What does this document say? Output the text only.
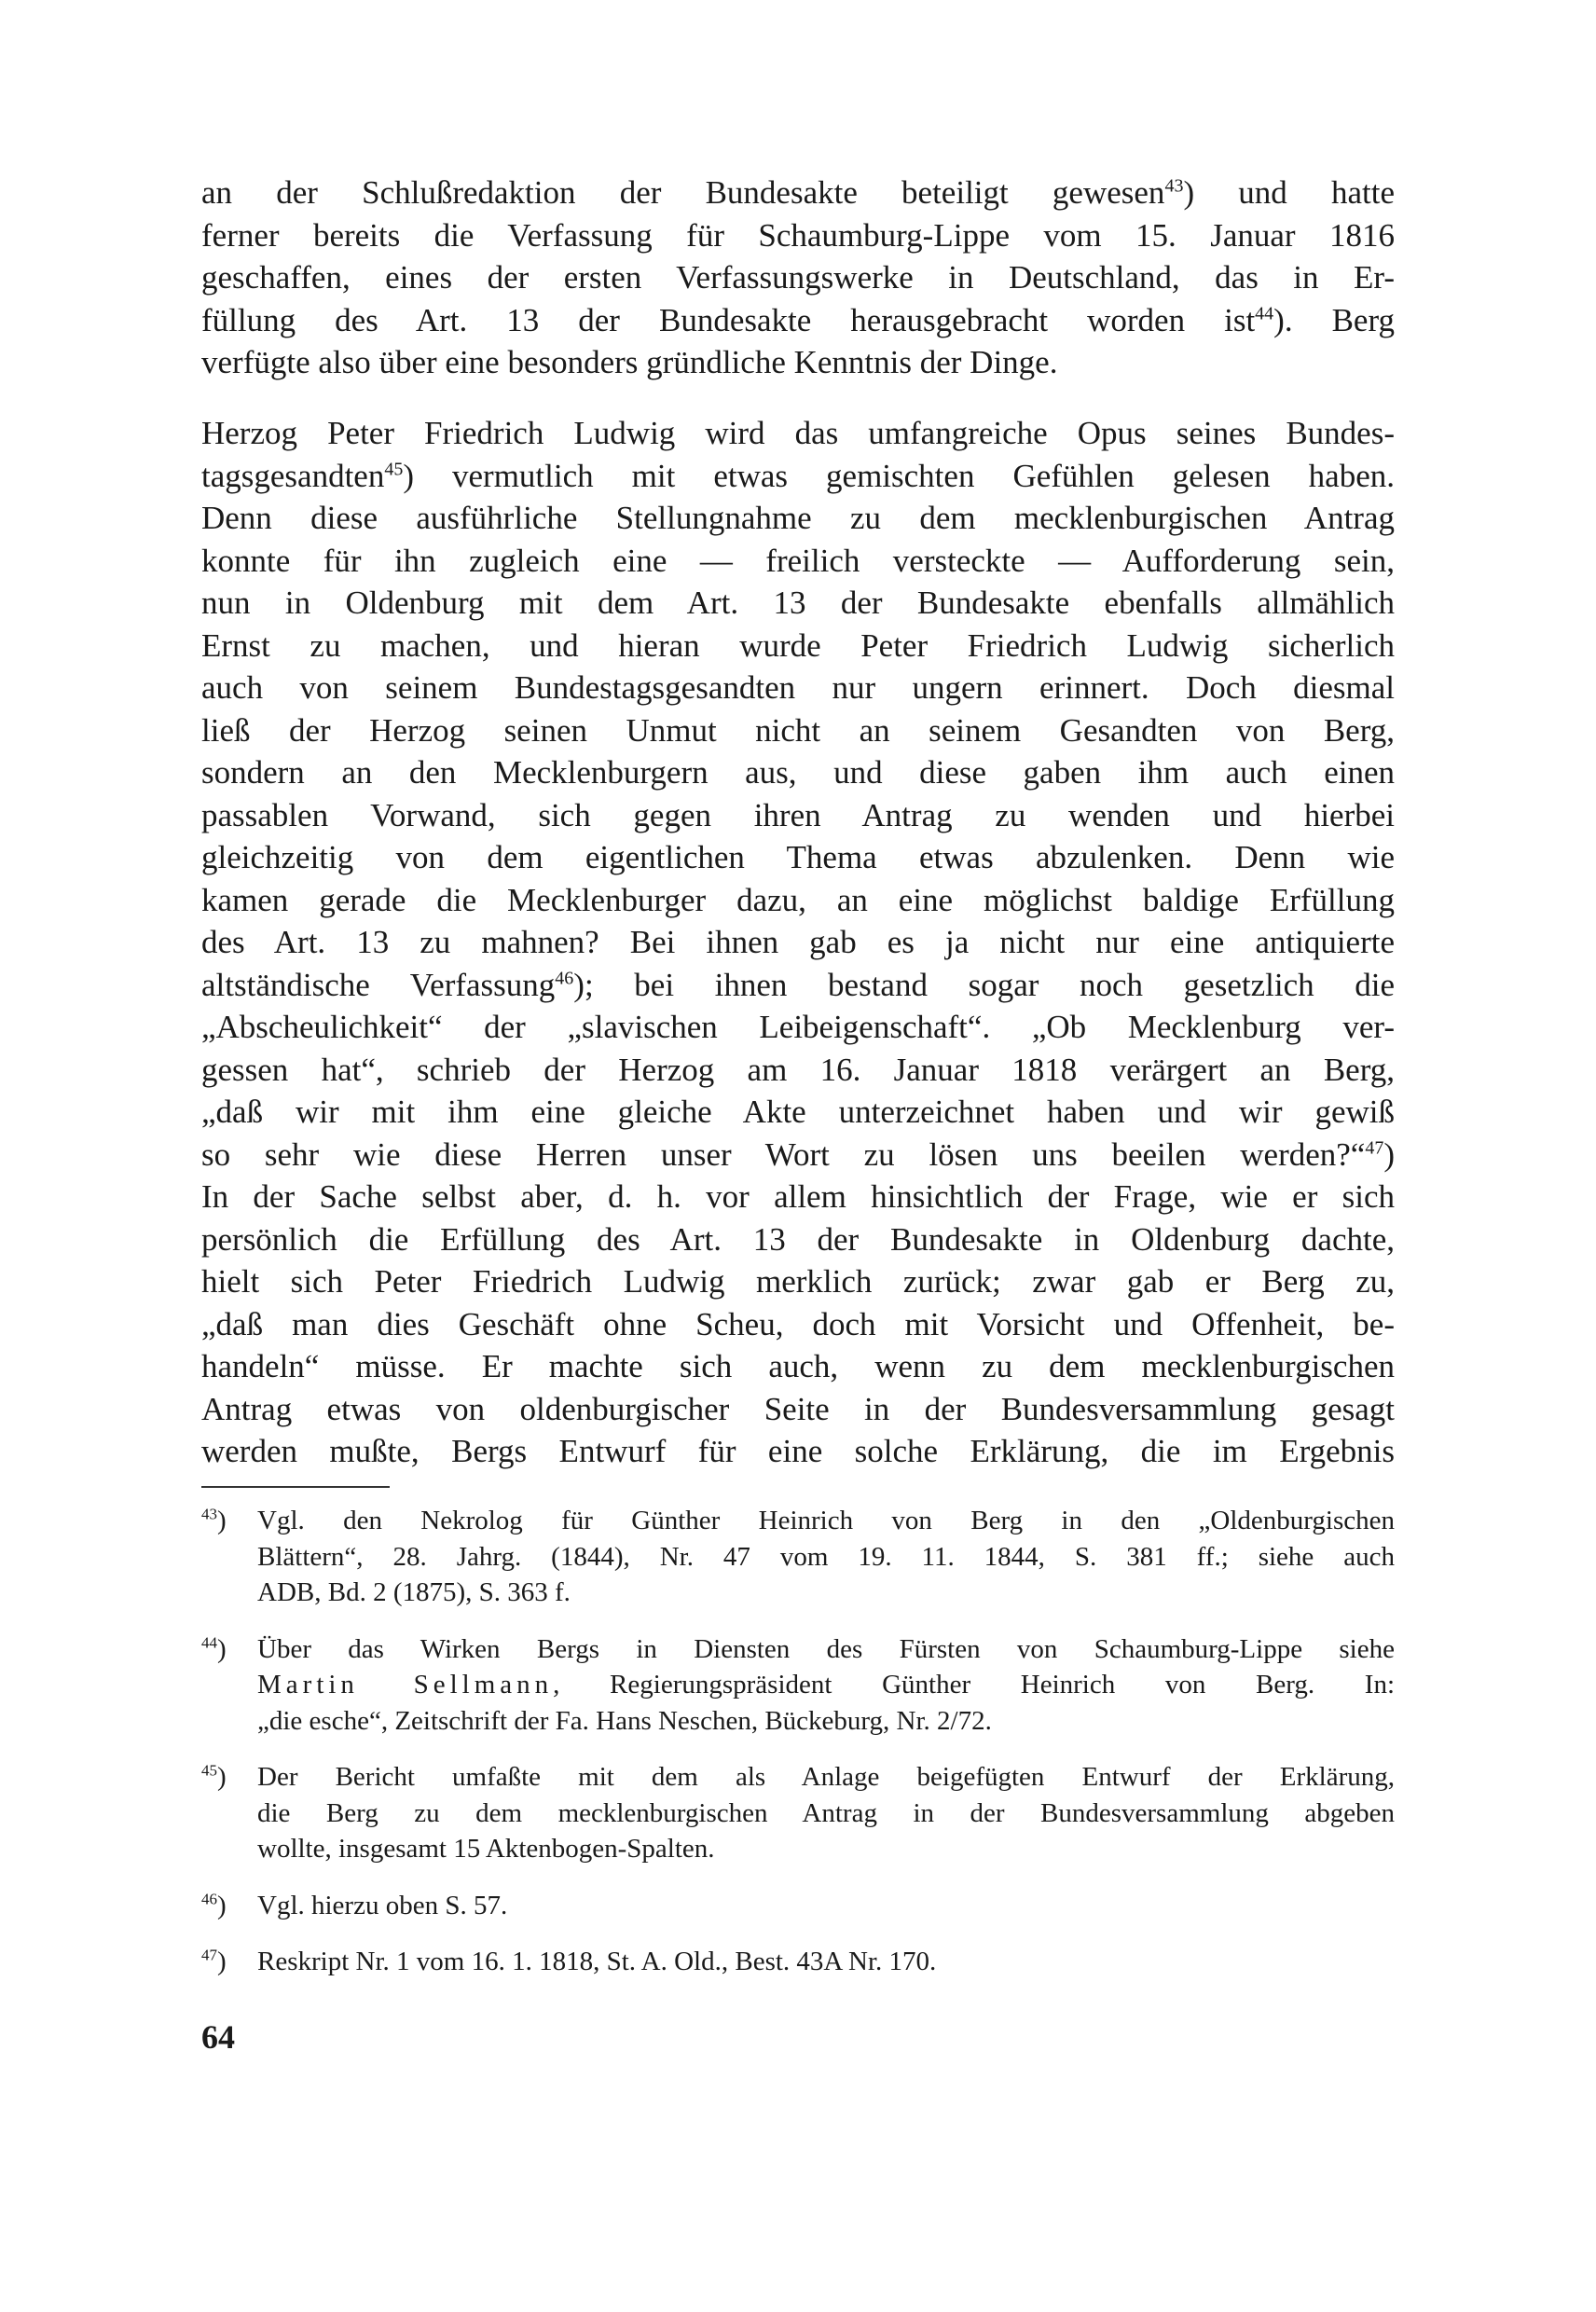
an der Schlußredaktion der Bundesakte beteiligt gewesen$^{43}$) und hatte
ferner bereits die Verfassung für Schaumburg-Lippe vom 15. Januar 1816
geschaffen, eines der ersten Verfassungswerke in Deutschland, das in Er-
füllung des Art. 13 der Bundesakte herausgebracht worden ist$^{44}$). Berg
verfügte also über eine besonders gründliche Kenntnis der Dinge.

Herzog Peter Friedrich Ludwig wird das umfangreiche Opus seines Bundes-
tagsgesandten$^{45}$) vermutlich mit etwas gemischten Gefühlen gelesen haben.
Denn diese ausführliche Stellungnahme zu dem mecklenburgischen Antrag
konnte für ihn zugleich eine — freilich versteckte — Aufforderung sein,
nun in Oldenburg mit dem Art. 13 der Bundesakte ebenfalls allmählich
Ernst zu machen, und hieran wurde Peter Friedrich Ludwig sicherlich
auch von seinem Bundestagsgesandten nur ungern erinnert. Doch diesmal
ließ der Herzog seinen Unmut nicht an seinem Gesandten von Berg,
sondern an den Mecklenburgern aus, und diese gaben ihm auch einen
passablen Vorwand, sich gegen ihren Antrag zu wenden und hierbei
gleichzeitig von dem eigentlichen Thema etwas abzulenken. Denn wie
kamen gerade die Mecklenburger dazu, an eine möglichst baldige Erfüllung
des Art. 13 zu mahnen? Bei ihnen gab es ja nicht nur eine antiquierte
altständische Verfassung$^{46}$); bei ihnen bestand sogar noch gesetzlich die
„Abscheulichkeit“ der „slavischen Leibeigenschaft“. „Ob Mecklenburg ver-
gessen hat“, schrieb der Herzog am 16. Januar 1818 verärgert an Berg,
„daß wir mit ihm eine gleiche Akte unterzeichnet haben und wir gewiß
so sehr wie diese Herren unser Wort zu lösen uns beeilen werden?“$^{47}$)
In der Sache selbst aber, d. h. vor allem hinsichtlich der Frage, wie er sich
persönlich die Erfüllung des Art. 13 der Bundesakte in Oldenburg dachte,
hielt sich Peter Friedrich Ludwig merklich zurück; zwar gab er Berg zu,
„daß man dies Geschäft ohne Scheu, doch mit Vorsicht und Offenheit, be-
handeln“ müsse. Er machte sich auch, wenn zu dem mecklenburgischen
Antrag etwas von oldenburgischer Seite in der Bundesversammlung gesagt
werden mußte, Bergs Entwurf für eine solche Erklärung, die im Ergebnis

$^{43}$) Vgl. den Nekrolog für Günther Heinrich von Berg in den „Oldenburgischen
Blättern“, 28. Jahrg. (1844), Nr. 47 vom 19. 11. 1844, S. 381 ff.; siehe auch
ADB, Bd. 2 (1875), S. 363 f.
$^{44}$) Über das Wirken Bergs in Diensten des Fürsten von Schaumburg-Lippe siehe
Martin Sellmann, Regierungspräsident Günther Heinrich von Berg. In:
„die esche“, Zeitschrift der Fa. Hans Neschen, Bückeburg, Nr. 2/72.
$^{45}$) Der Bericht umfaßte mit dem als Anlage beigefügten Entwurf der Erklärung,
die Berg zu dem mecklenburgischen Antrag in der Bundesversammlung abgeben
wollte, insgesamt 15 Aktenbogen-Spalten.
$^{46}$) Vgl. hierzu oben S. 57.
$^{47}$) Reskript Nr. 1 vom 16. 1. 1818, St. A. Old., Best. 43A Nr. 170.
64
